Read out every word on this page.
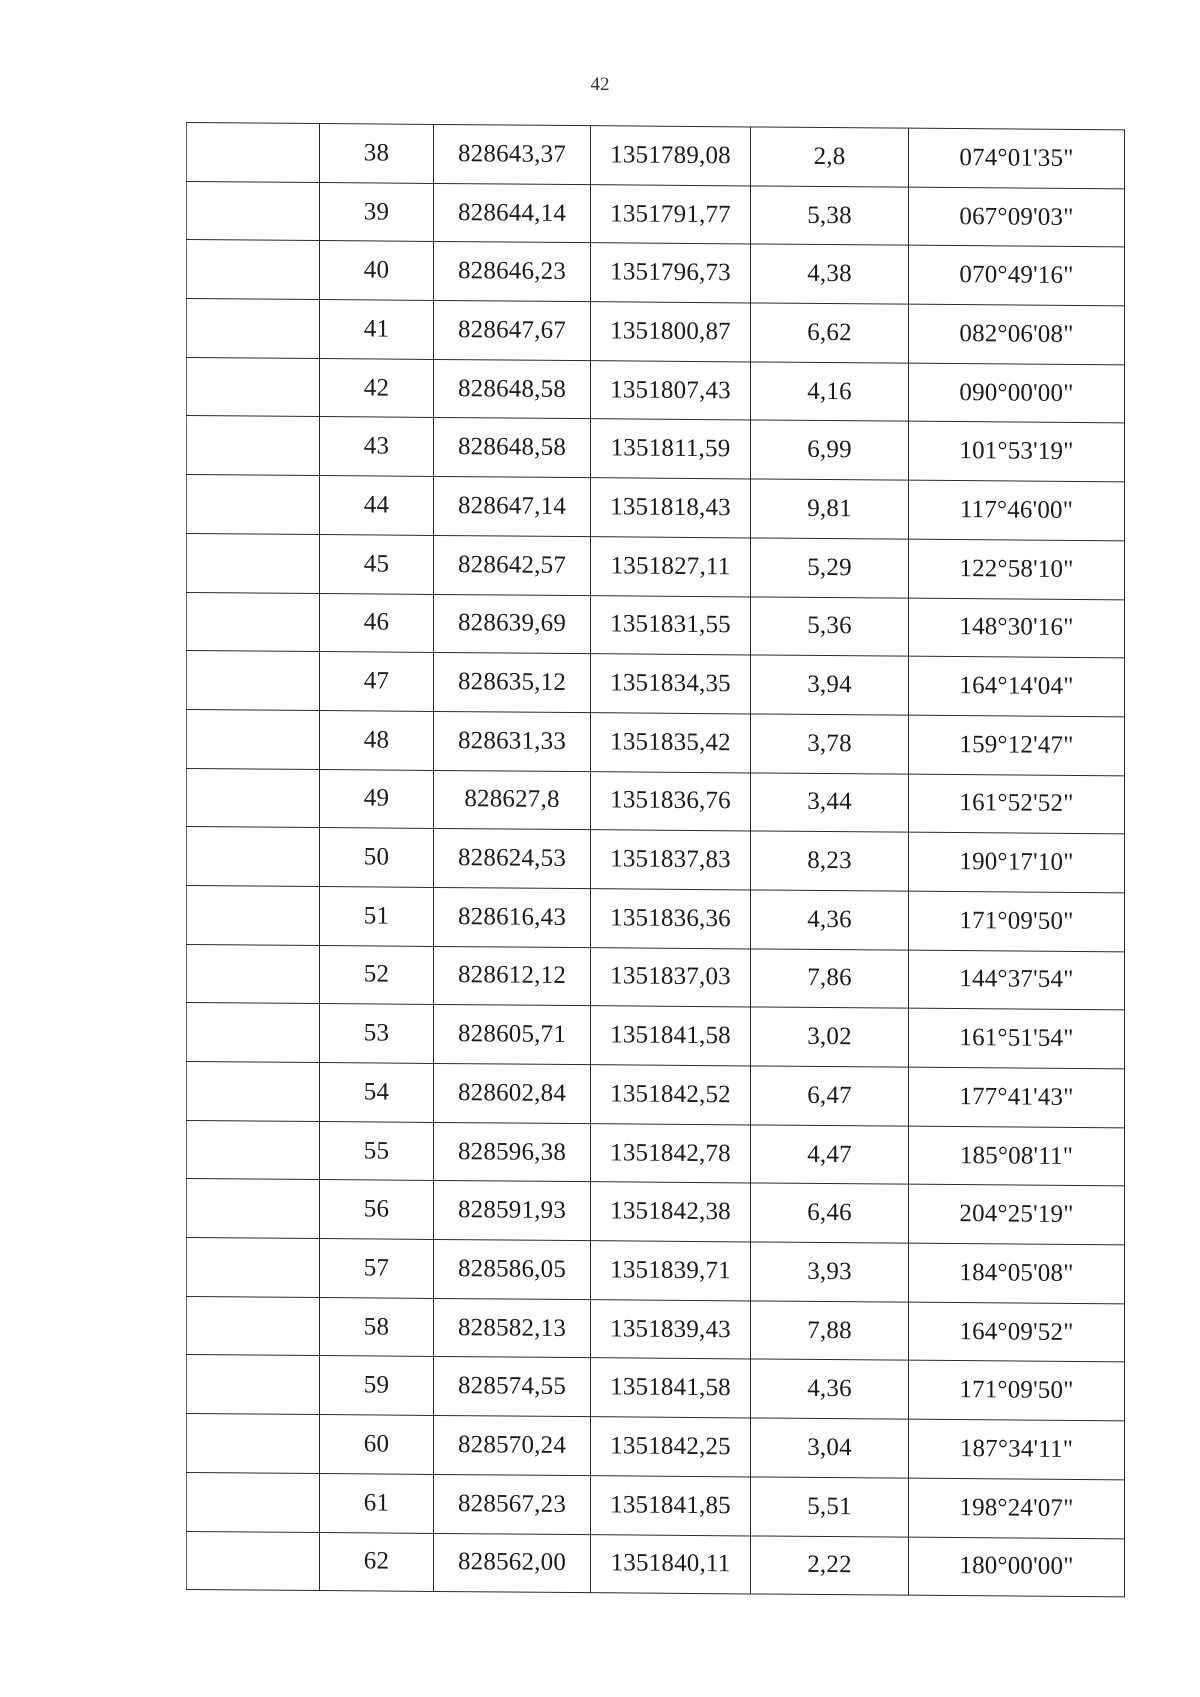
42
	38	828643,37	1351789,08	2,8	074°01'35"
	39	828644,14	1351791,77	5,38	067°09'03"
	40	828646,23	1351796,73	4,38	070°49'16"
	41	828647,67	1351800,87	6,62	082°06'08"
	42	828648,58	1351807,43	4,16	090°00'00"
	43	828648,58	1351811,59	6,99	101°53'19"
	44	828647,14	1351818,43	9,81	117°46'00"
	45	828642,57	1351827,11	5,29	122°58'10"
	46	828639,69	1351831,55	5,36	148°30'16"
	47	828635,12	1351834,35	3,94	164°14'04"
	48	828631,33	1351835,42	3,78	159°12'47"
	49	828627,8	1351836,76	3,44	161°52'52"
	50	828624,53	1351837,83	8,23	190°17'10"
	51	828616,43	1351836,36	4,36	171°09'50"
	52	828612,12	1351837,03	7,86	144°37'54"
	53	828605,71	1351841,58	3,02	161°51'54"
	54	828602,84	1351842,52	6,47	177°41'43"
	55	828596,38	1351842,78	4,47	185°08'11"
	56	828591,93	1351842,38	6,46	204°25'19"
	57	828586,05	1351839,71	3,93	184°05'08"
	58	828582,13	1351839,43	7,88	164°09'52"
	59	828574,55	1351841,58	4,36	171°09'50"
	60	828570,24	1351842,25	3,04	187°34'11"
	61	828567,23	1351841,85	5,51	198°24'07"
	62	828562,00	1351840,11	2,22	180°00'00"
